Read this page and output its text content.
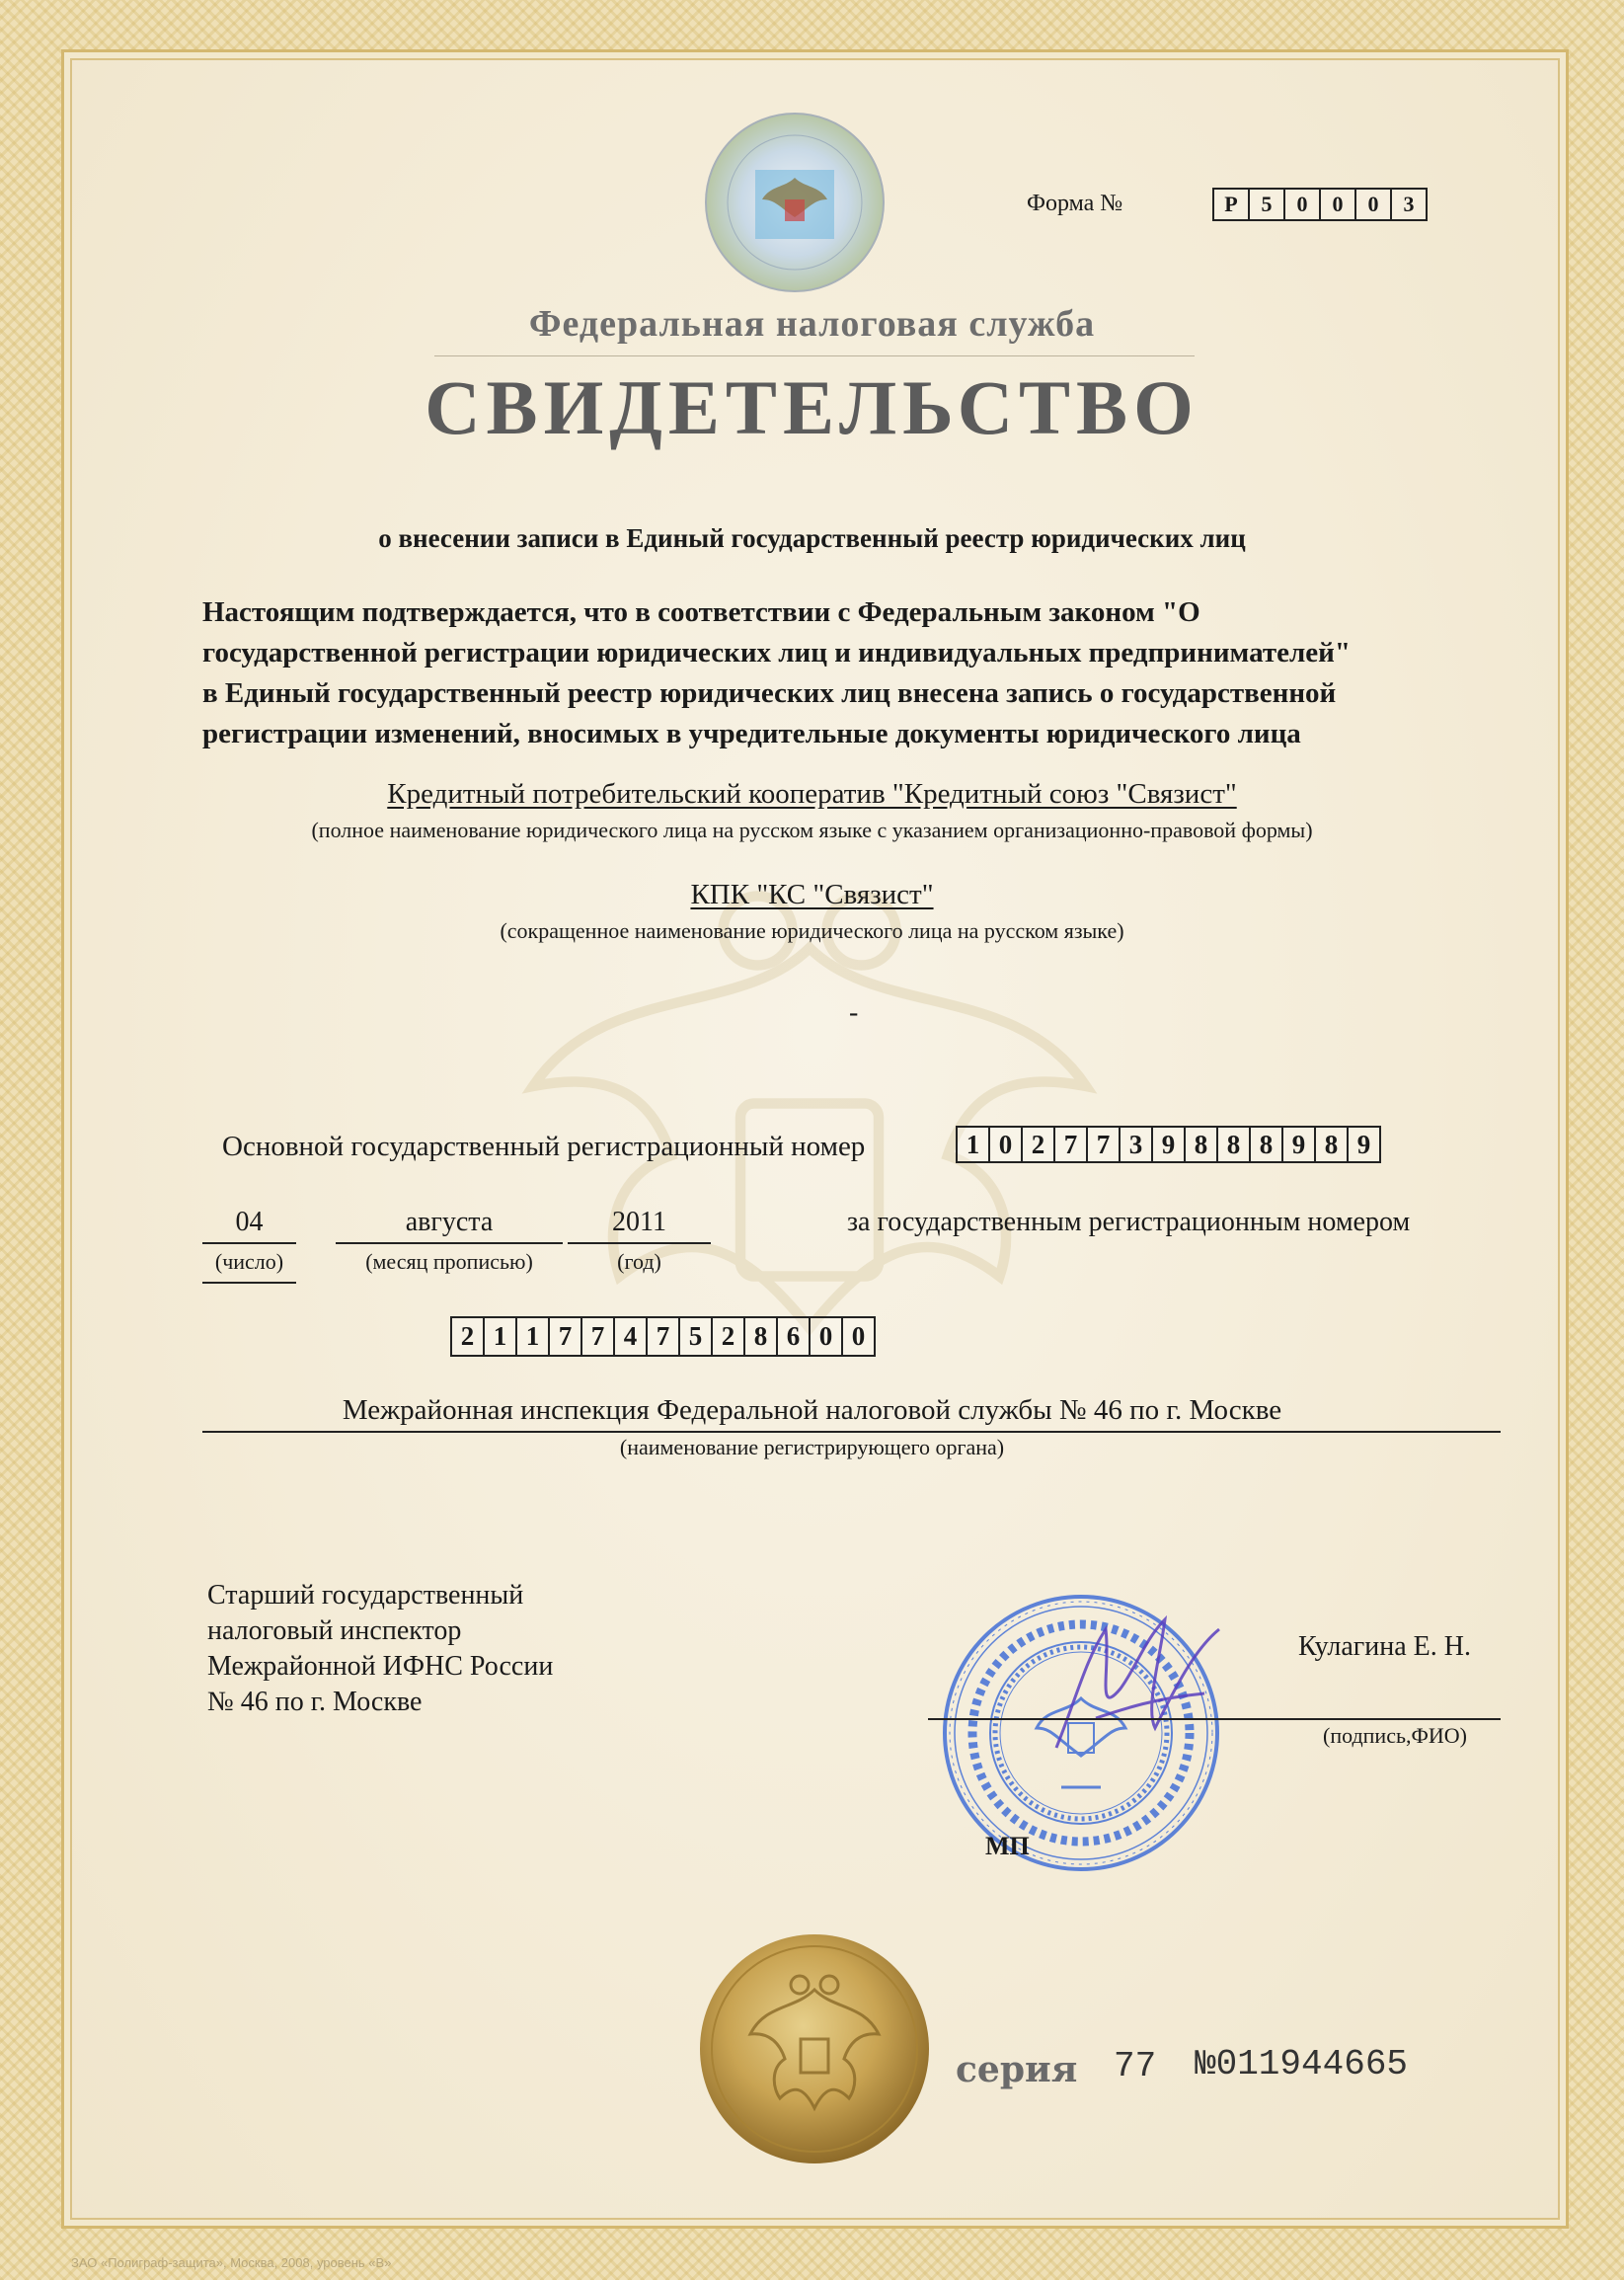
Форма №	Р	5	0	0	0	3
Федеральная налоговая служба
СВИДЕТЕЛЬСТВО
о внесении записи в Единый государственный реестр юридических лиц
Настоящим подтверждается, что в соответствии с Федеральным законом "О
государственной регистрации юридических лиц и индивидуальных предпринимателей"
в Единый государственный реестр юридических лиц внесена запись о государственной
регистрации изменений, вносимых в учредительные документы юридического лица
Кредитный потребительский кооператив "Кредитный союз "Связист"
(полное наименование юридического лица на русском языке с указанием организационно-правовой формы)
КПК "КС "Связист"
(сокращенное наименование юридического лица на русском языке)
-
Основной государственный регистрационный номер	1 0 2 7 7 3 9 8 8 8 9 8 9
04
(число)
августа
(месяц прописью)
2011
(год)
за государственным регистрационным номером
2 1 1 7 7 4 7 5 2 8 6 0 0
Межрайонная инспекция Федеральной налоговой службы № 46 по г. Москве
(наименование регистрирующего органа)
Старший государственный
налоговый инспектор
Межрайонной ИФНС России
№ 46 по г. Москве
Кулагина Е. Н.
(подпись,ФИО)
МП
серия 77 №011944665
ЗАО «Полиграф-защита», Москва, 2008, уровень «В»
